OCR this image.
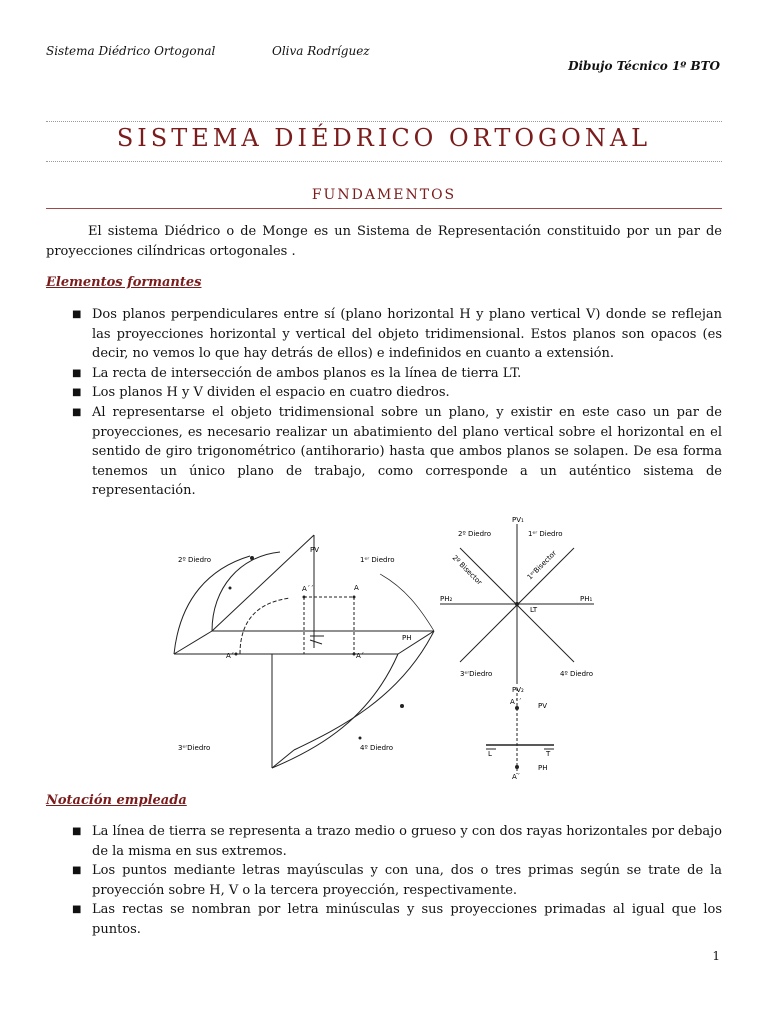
Sistema Diédrico Ortogonal	Oliva Rodríguez
Dibujo Técnico 1º BTO
SISTEMA DIÉDRICO ORTOGONAL
FUNDAMENTOS
El sistema Diédrico o de Monge es un Sistema de Representación constituido por un par de proyecciones cilíndricas ortogonales .
Elementos formantes
■ Dos planos perpendiculares entre sí (plano horizontal H y plano vertical V) donde se reflejan las proyecciones horizontal y vertical del objeto tridimensional. Estos planos son opacos (es decir, no vemos lo que hay detrás de ellos) e indefinidos en cuanto a extensión.
■ La recta de intersección de ambos planos es la línea de tierra LT.
■ Los planos H y V dividen el espacio en cuatro diedros.
■ Al representarse el objeto tridimensional sobre un plano, y existir en este caso un par de proyecciones, es necesario realizar un abatimiento del plano vertical sobre el horizontal en el sentido de giro trigonométrico (antihorario) hasta que ambos planos se solapen. De esa forma tenemos un único plano de trabajo, como corresponde a un auténtico sistema de representación.
PV
PH
1ᵉʳ Diedro
2º Diedro
3ᵉʳDiedro	4º Diedro
A
A´´
A´	A´
PV₁
PH₂	PH₁
LT
1ᵉʳ Diedro
2º Diedro
3ᵉʳDiedro	4º Diedro
1ᵉʳBisector
2º Bisector
PV₂
A´´ PV
L	T
A´
PH
Notación empleada
■ La línea de tierra se representa a trazo medio o grueso y con dos rayas horizontales por debajo de la misma en sus extremos.
■ Los puntos mediante letras mayúsculas y con una, dos o tres primas según se trate de la proyección sobre H, V o la tercera proyección, respectivamente.
■ Las rectas se nombran por letra minúsculas y sus proyecciones primadas al igual que los puntos.
1
